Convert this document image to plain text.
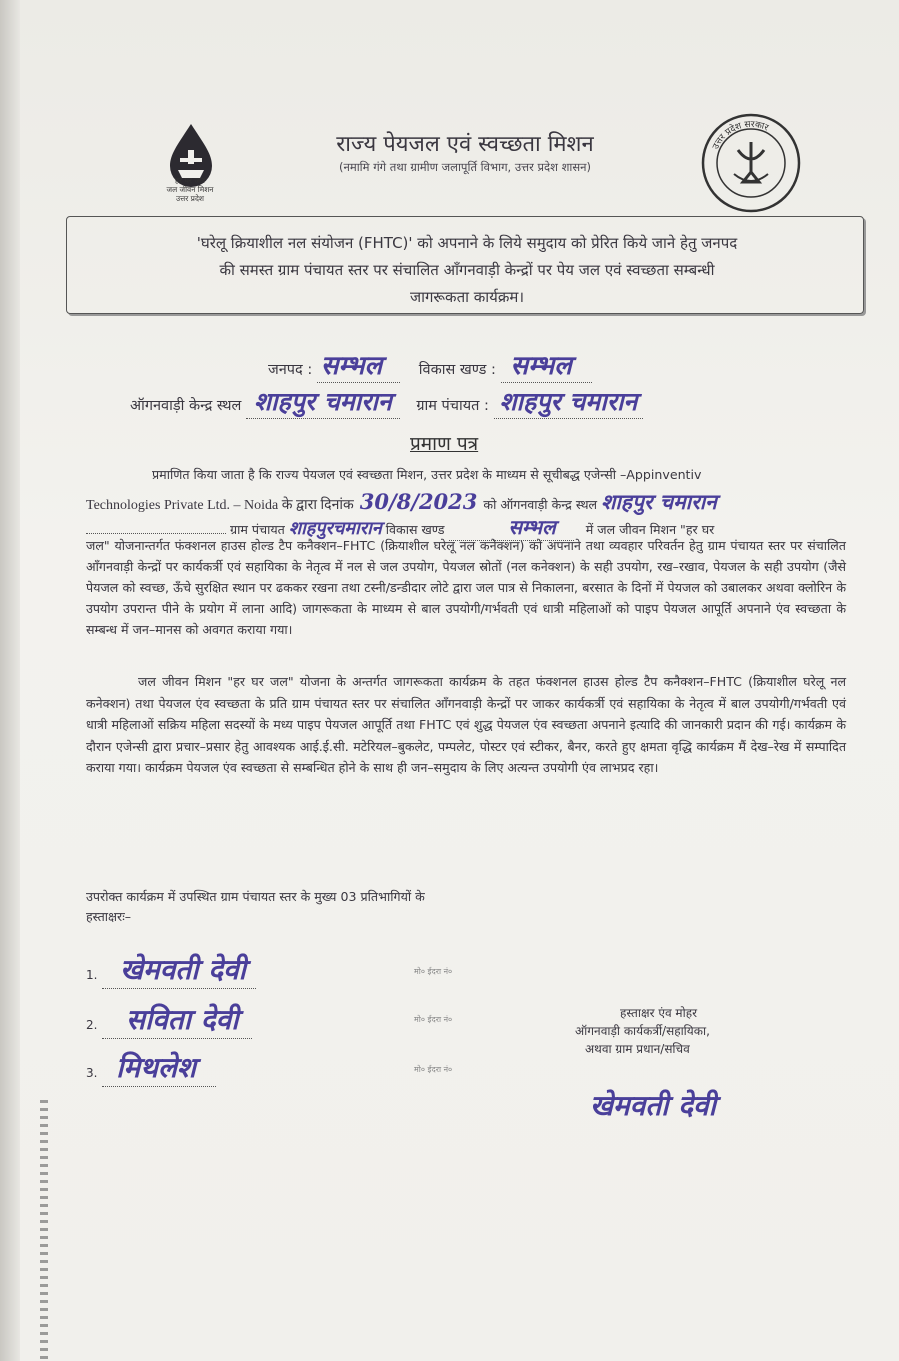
हर घर जल
जल जीवन मिशन
उत्तर प्रदेश
राज्य पेयजल एवं स्वच्छता मिशन
(नमामि गंगे तथा ग्रामीण जलापूर्ति विभाग, उत्तर प्रदेश शासन)
उत्तर प्रदेश सरकार
'घरेलू क्रियाशील नल संयोजन (FHTC)' को अपनाने के लिये समुदाय को प्रेरित किये जाने हेतु जनपद
की समस्त ग्राम पंचायत स्तर पर संचालित आँगनवाड़ी केन्द्रों पर पेय जल एवं स्वच्छता सम्बन्धी
जागरूकता कार्यक्रम।
जनपद : सम्भल	विकास खण्ड : सम्भल
ऑगनवाड़ी केन्द्र स्थल शाहपुर चमारान ग्राम पंचायत : शाहपुर चमारान
प्रमाण पत्र
प्रमाणित किया जाता है कि राज्य पेयजल एवं स्वच्छता मिशन, उत्तर प्रदेश के माध्यम से सूचीबद्ध एजेन्सी –Appinventiv
Technologies Private Ltd. – Noida के द्वारा दिनांक 30/8/2023 को ऑगनवाड़ी केन्द्र स्थल शाहपुर चमारान
ग्राम पंचायत शाहपुरचमारान विकास खण्ड	सम्भल में जल जीवन मिशन "हर घर
जल" योजनान्तर्गत फंक्शनल हाउस होल्ड टैप कनैक्शन–FHTC (क्रियाशील घरेलू नल कनेक्शन) को अपनाने तथा व्यवहार परिवर्तन हेतु ग्राम पंचायत स्तर पर संचालित आँगनवाड़ी केन्द्रों पर कार्यकर्त्री एवं सहायिका के नेतृत्व में नल से जल उपयोग, पेयजल स्रोतों (नल कनेक्शन) के सही उपयोग, रख–रखाव, पेयजल के सही उपयोग (जैसे पेयजल को स्वच्छ, ऊँचे सुरक्षित स्थान पर ढककर रखना तथा टस्नी/डन्डीदार लोटे द्वारा जल पात्र से निकालना, बरसात के दिनों में पेयजल को उबालकर अथवा क्लोरिन के उपयोग उपरान्त पीने के प्रयोग में लाना आदि) जागरूकता के माध्यम से बाल उपयोगी/गर्भवती एवं धात्री महिलाओं को पाइप पेयजल आपूर्ति अपनाने एंव स्वच्छता के सम्बन्ध में जन–मानस को अवगत कराया गया।
जल जीवन मिशन "हर घर जल" योजना के अन्तर्गत जागरूकता कार्यक्रम के तहत फंक्शनल हाउस होल्ड टैप कनैक्शन–FHTC (क्रियाशील घरेलू नल कनेक्शन) तथा पेयजल एंव स्वच्छता के प्रति ग्राम पंचायत स्तर पर संचालित आँगनवाड़ी केन्द्रों पर जाकर कार्यकर्त्री एवं सहायिका के नेतृत्व में बाल उपयोगी/गर्भवती एवं धात्री महिलाओं सक्रिय महिला सदस्यों के मध्य पाइप पेयजल आपूर्ति तथा FHTC एवं शुद्ध पेयजल एंव स्वच्छता अपनाने इत्यादि की जानकारी प्रदान की गई। कार्यक्रम के दौरान एजेन्सी द्वारा प्रचार–प्रसार हेतु आवश्यक आई.ई.सी. मटेरियल–बुकलेट, पम्पलेट, पोस्टर एवं स्टीकर, बैनर, करते हुए क्षमता वृद्धि कार्यक्रम मैं देख–रेख में सम्पादित कराया गया। कार्यक्रम पेयजल एंव स्वच्छता से सम्बन्धित होने के साथ ही जन–समुदाय के लिए अत्यन्त उपयोगी एंव लाभप्रद रहा।
उपरोक्त कार्यक्रम में उपस्थित ग्राम पंचायत स्तर के मुख्य 03 प्रतिभागियों के
हस्ताक्षरः–
1. खेमवती देवी	मो० ईदरा नं०
2. सविता देवी	मो० ईदरा नं०
3. मिथलेश	मो० ईदरा नं०
हस्ताक्षर एंव मोहर
ऑगनवाड़ी कार्यकर्त्री/सहायिका,
अथवा ग्राम प्रधान/सचिव
खेमवती देवी
